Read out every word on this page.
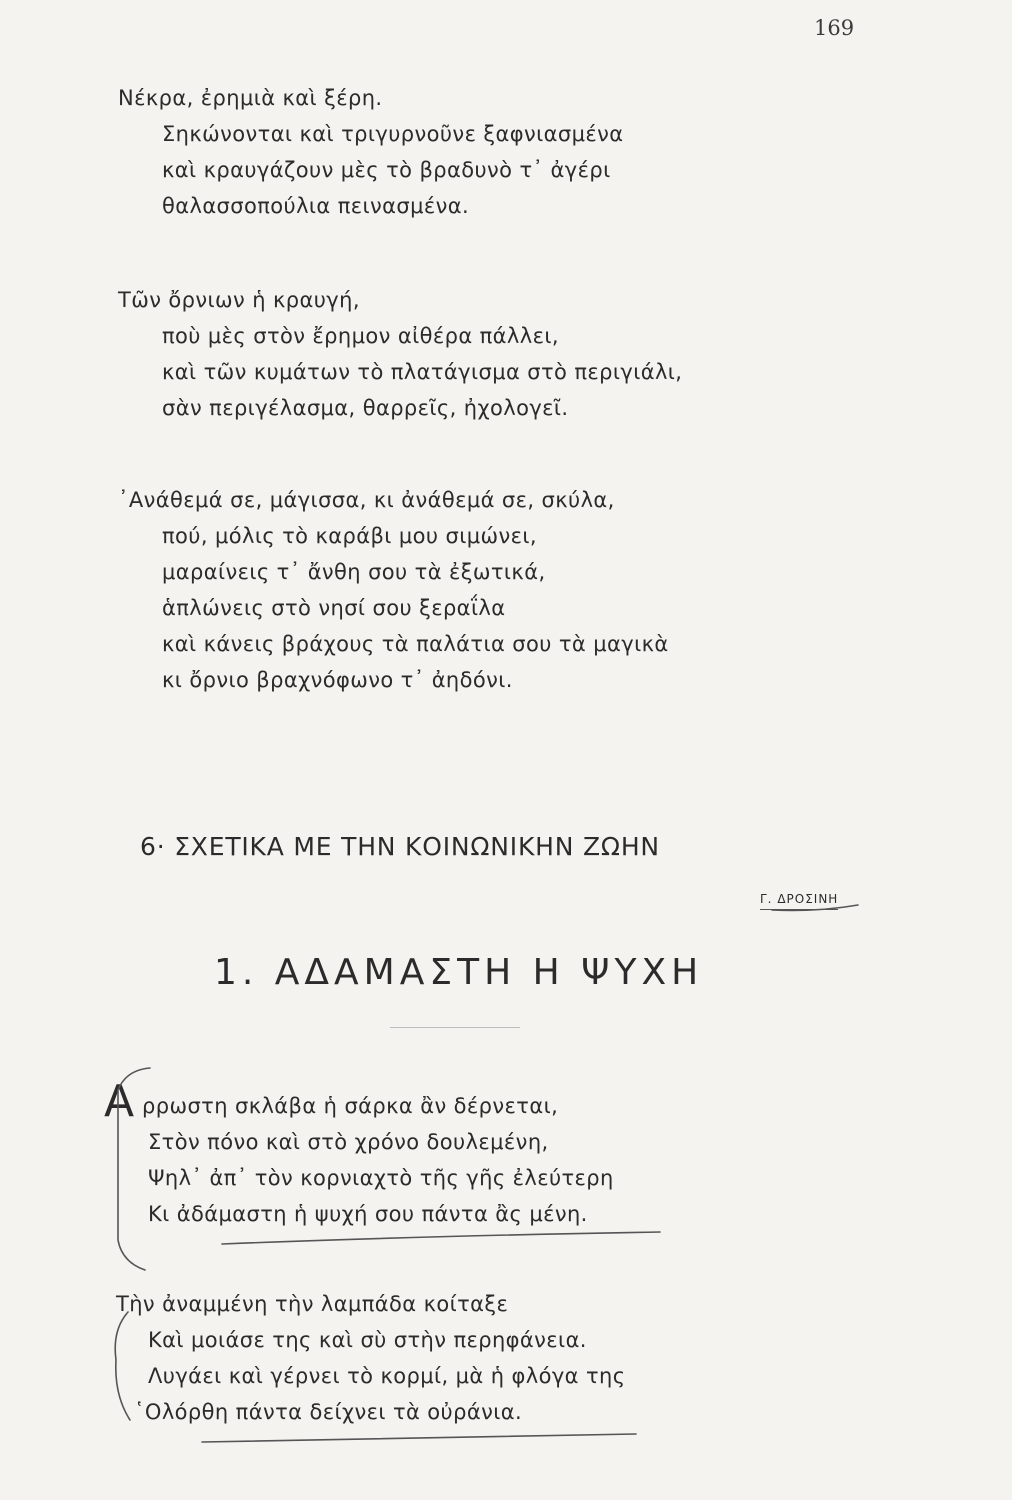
169
Νέκρα, ἐρημιὰ καὶ ξέρη.
Σηκώνονται καὶ τριγυρνοῦνε ξαφνιασμένα
καὶ κραυγάζουν μὲς τὸ βραδυνὸ τ᾽ ἀγέρι
θαλασσοπούλια πεινασμένα.
Τῶν ὄρνιων ἡ κραυγή,
ποὺ μὲς στὸν ἔρημον αἰθέρα πάλλει,
καὶ τῶν κυμάτων τὸ πλατάγισμα στὸ περιγιάλι,
σὰν περιγέλασμα, θαρρεῖς, ἠχολογεῖ.
᾿Ανάθεμά σε, μάγισσα, κι ἀνάθεμά σε, σκύλα,
πού, μόλις τὸ καράβι μου σιμώνει,
μαραίνεις τ᾽ ἄνθη σου τὰ ἐξωτικά,
ἁπλώνεις στὸ νησί σου ξεραΐλα
καὶ κάνεις βράχους τὰ παλάτια σου τὰ μαγικὰ
κι ὄρνιο βραχνόφωνο τ᾽ ἀηδόνι.
6· ΣΧΕΤΙΚΑ ΜΕ ΤΗΝ ΚΟΙΝΩΝΙΚΗΝ ΖΩΗΝ
Γ. ΔΡΟΣΙΝΗ
1. ΑΔΑΜΑΣΤΗ Η ΨΥΧΗ
Α ρρωστη σκλάβα ἡ σάρκα ἂν δέρνεται,
Στὸν πόνο καὶ στὸ χρόνο δουλεμένη,
Ψηλ᾽ ἀπ᾽ τὸν κορνιαχτὸ τῆς γῆς ἐλεύτερη
Κι ἀδάμαστη ἡ ψυχή σου πάντα ἂς μένη.
Τὴν ἀναμμένη τὴν λαμπάδα κοίταξε
Καὶ μοιάσε της καὶ σὺ στὴν περηφάνεια.
Λυγάει καὶ γέρνει τὸ κορμί, μὰ ἡ φλόγα της
῾Ολόρθη πάντα δείχνει τὰ οὐράνια.
